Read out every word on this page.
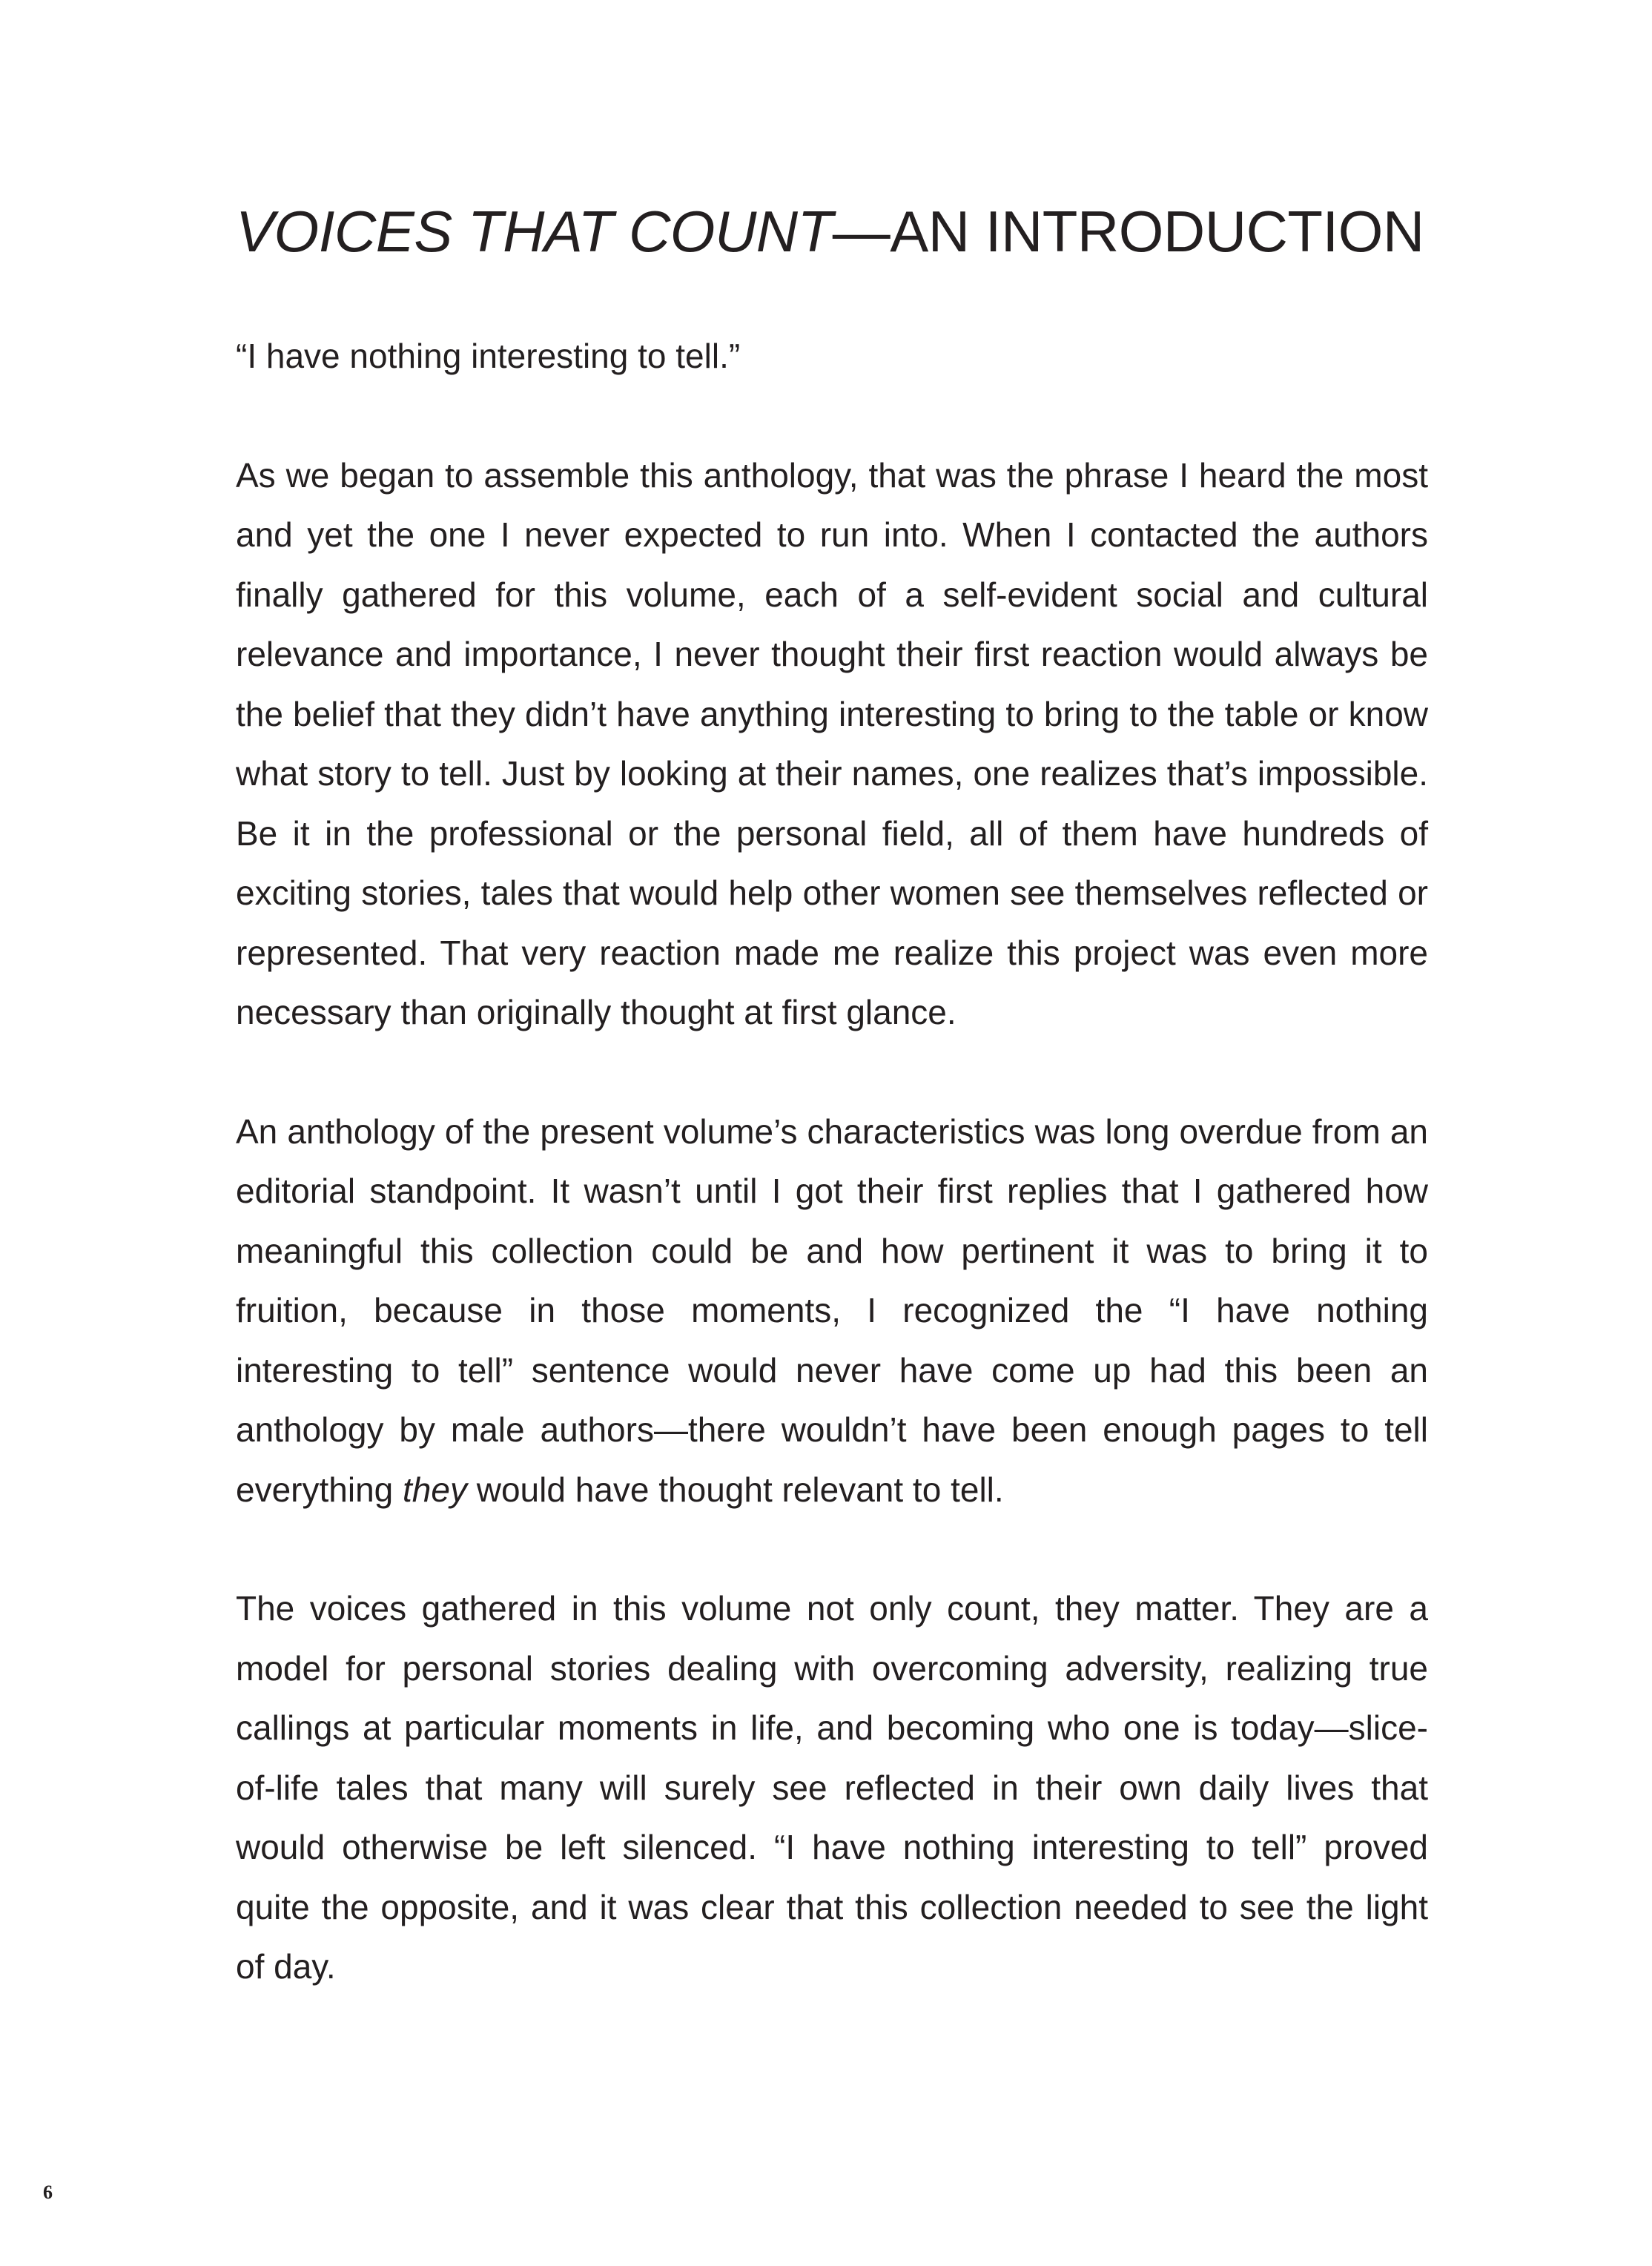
VOICES THAT COUNT—AN INTRODUCTION

“I have nothing interesting to tell.”

As we began to assemble this anthology, that was the phrase I heard the most and yet the one I never expected to run into. When I contacted the authors finally gathered for this volume, each of a self-evident social and cultural relevance and importance, I never thought their first reaction would always be the belief that they didn’t have anything interesting to bring to the table or know what story to tell. Just by looking at their names, one realizes that’s impossible. Be it in the professional or the personal field, all of them have hundreds of exciting stories, tales that would help other women see themselves reflected or represented. That very reaction made me realize this project was even more necessary than originally thought at first glance.

An anthology of the present volume’s characteristics was long overdue from an editorial standpoint. It wasn’t until I got their first replies that I gathered how meaningful this collection could be and how pertinent it was to bring it to fruition, because in those moments, I recognized the “I have nothing interesting to tell” sentence would never have come up had this been an anthology by male authors—there wouldn’t have been enough pages to tell everything they would have thought relevant to tell.

The voices gathered in this volume not only count, they matter. They are a model for personal stories dealing with overcoming adversity, realizing true callings at particular moments in life, and becoming who one is today—slice-of-life tales that many will surely see reflected in their own daily lives that would otherwise be left silenced. “I have nothing interesting to tell” proved quite the opposite, and it was clear that this collection needed to see the light of day.

6
